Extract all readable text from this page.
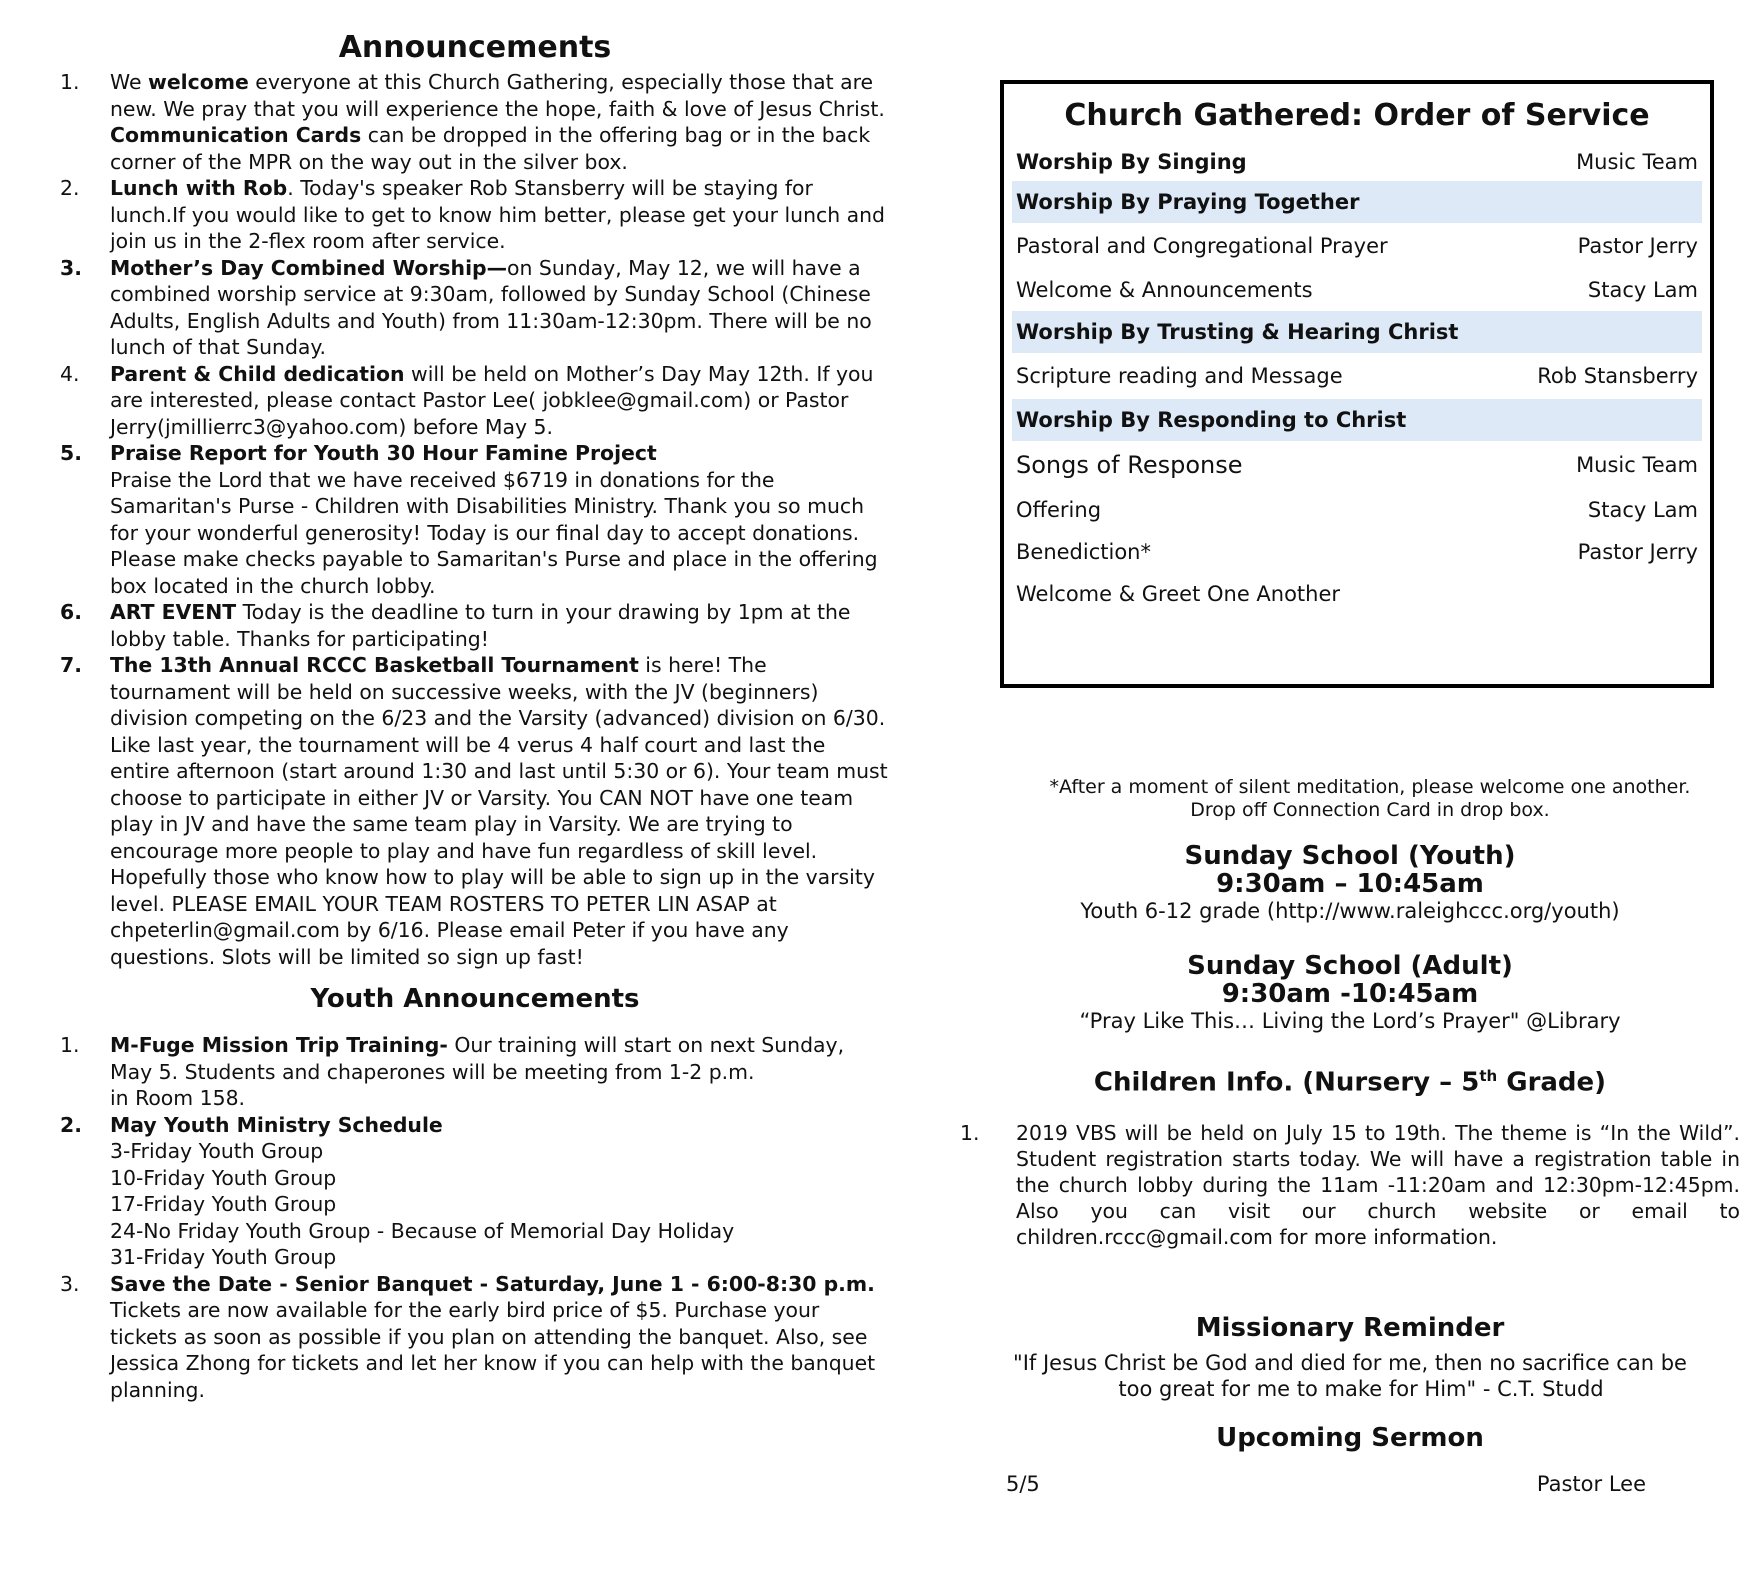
Announcements
1. We welcome everyone at this Church Gathering, especially those that are new. We pray that you will experience the hope, faith & love of Jesus Christ. Communication Cards can be dropped in the offering bag or in the back corner of the MPR on the way out in the silver box.
2. Lunch with Rob. Today's speaker Rob Stansberry will be staying for lunch.If you would like to get to know him better, please get your lunch and join us in the 2-flex room after service.
3. Mother’s Day Combined Worship—on Sunday, May 12, we will have a combined worship service at 9:30am, followed by Sunday School (Chinese Adults, English Adults and Youth) from 11:30am-12:30pm. There will be no lunch of that Sunday.
4. Parent & Child dedication will be held on Mother’s Day May 12th. If you are interested, please contact Pastor Lee( jobklee@gmail.com) or Pastor Jerry(jmillierrc3@yahoo.com) before May 5.
5. Praise Report for Youth 30 Hour Famine Project
Praise the Lord that we have received $6719 in donations for the Samaritan's Purse - Children with Disabilities Ministry. Thank you so much for your wonderful generosity! Today is our final day to accept donations. Please make checks payable to Samaritan's Purse and place in the offering box located in the church lobby.
6. ART EVENT Today is the deadline to turn in your drawing by 1pm at the lobby table. Thanks for participating!
7. The 13th Annual RCCC Basketball Tournament is here! The tournament will be held on successive weeks, with the JV (beginners) division competing on the 6/23 and the Varsity (advanced) division on 6/30. Like last year, the tournament will be 4 verus 4 half court and last the entire afternoon (start around 1:30 and last until 5:30 or 6). Your team must choose to participate in either JV or Varsity. You CAN NOT have one team play in JV and have the same team play in Varsity. We are trying to encourage more people to play and have fun regardless of skill level. Hopefully those who know how to play will be able to sign up in the varsity level. PLEASE EMAIL YOUR TEAM ROSTERS TO PETER LIN ASAP at chpeterlin@gmail.com by 6/16. Please email Peter if you have any questions. Slots will be limited so sign up fast!
Youth Announcements
1. M-Fuge Mission Trip Training- Our training will start on next Sunday, May 5. Students and chaperones will be meeting from 1-2 p.m.
in Room 158.
2. May Youth Ministry Schedule
3-Friday Youth Group
10-Friday Youth Group
17-Friday Youth Group
24-No Friday Youth Group - Because of Memorial Day Holiday
31-Friday Youth Group
3. Save the Date - Senior Banquet - Saturday, June 1 - 6:00-8:30 p.m.
Tickets are now available for the early bird price of $5. Purchase your tickets as soon as possible if you plan on attending the banquet. Also, see Jessica Zhong for tickets and let her know if you can help with the banquet planning.
Church Gathered: Order of Service
Worship By Singing	Music Team
Worship By Praying Together
Pastoral and Congregational Prayer	Pastor Jerry
Welcome & Announcements	Stacy Lam
Worship By Trusting & Hearing Christ
Scripture reading and Message	Rob Stansberry
Worship By Responding to Christ
Songs of Response	Music Team
Offering	Stacy Lam
Benediction*	Pastor Jerry
Welcome & Greet One Another

*After a moment of silent meditation, please welcome one another. Drop off Connection Card in drop box.

Sunday School (Youth)

9:30am – 10:45am

Youth 6-12 grade (http://www.raleighccc.org/youth)

Sunday School (Adult)

9:30am -10:45am

“Pray Like This… Living the Lord’s Prayer" @Library

Children Info. (Nursery – 5th Grade)

1. 2019 VBS will be held on July 15 to 19th. The theme is “In the Wild”. Student registration starts today. We will have a registration table in the church lobby during the 11am -11:20am and 12:30pm-12:45pm. Also you can visit our church website or email to children.rccc@gmail.com for more information.

Missionary Reminder

"If Jesus Christ be God and died for me, then no sacrifice can be

too great for me to make for Him" - C.T. Studd

Upcoming Sermon

5/5	Pastor Lee
